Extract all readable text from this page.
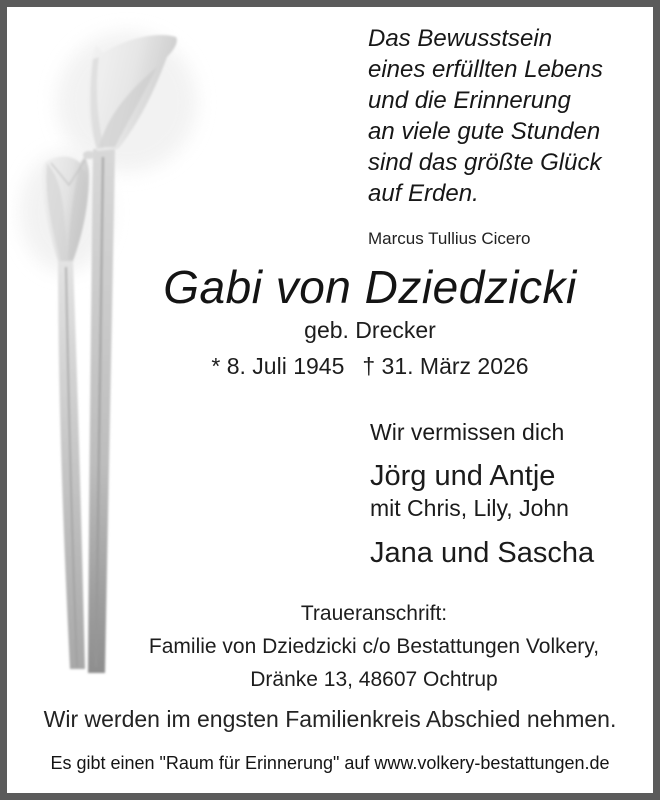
Das Bewusstsein

eines erfüllten Lebens

und die Erinnerung

an viele gute Stunden

sind das größte Glück

auf Erden.

Marcus Tullius Cicero

Gabi von Dziedzicki
geb. Drecker
* 8. Juli 1945 † 31. März 2026
Wir vermissen dich
Jörg und Antje
mit Chris, Lily, John
Jana und Sascha
Traueranschrift:
Familie von Dziedzicki c/o Bestattungen Volkery,
Dränke 13, 48607 Ochtrup
Wir werden im engsten Familienkreis Abschied nehmen.
Es gibt einen "Raum für Erinnerung" auf www.volkery-bestattungen.de
